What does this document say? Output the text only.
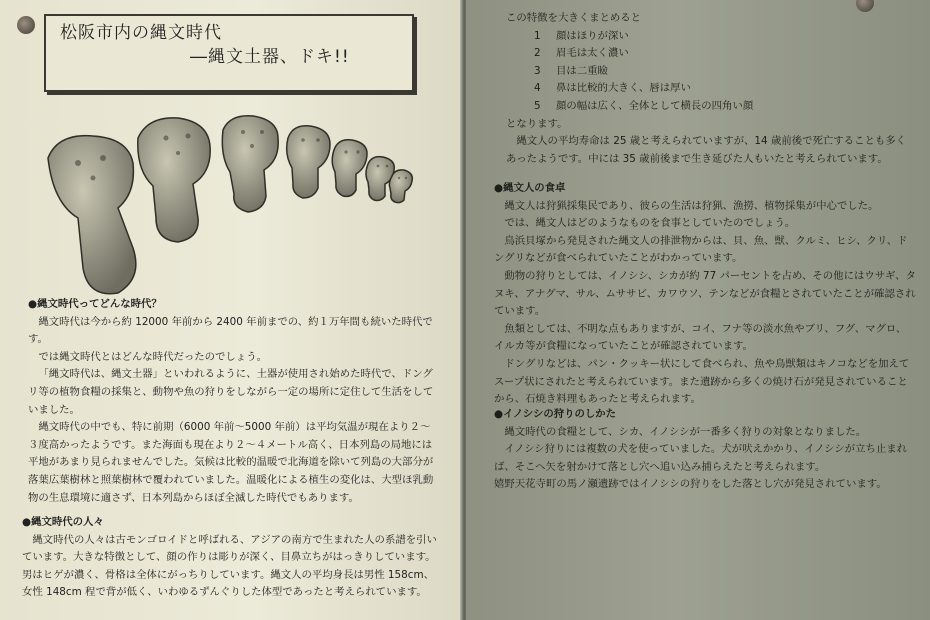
松阪市内の縄文時代
―縄文土器、ドキ!!
●縄文時代ってどんな時代？
縄文時代は今から約 12000 年前から 2400 年前までの、約１万年間も続いた時代です。
では縄文時代とはどんな時代だったのでしょう。
「縄文時代は、縄文土器」といわれるように、土器が使用され始めた時代で、ドングリ等の植物食糧の採集と、動物や魚の狩りをしながら一定の場所に定住して生活をしていました。
縄文時代の中でも、特に前期（6000 年前～5000 年前）は平均気温が現在より２～３度高かったようです。また海面も現在より２～４メートル高く、日本列島の局地には平地があまり見られませんでした。気候は比較的温暖で北海道を除いて列島の大部分が落葉広葉樹林と照葉樹林で覆われていました。温暖化による植生の変化は、大型ほ乳動物の生息環境に適さず、日本列島からほぼ全滅した時代でもあります。
●縄文時代の人々
縄文時代の人々は古モンゴロイドと呼ばれる、アジアの南方で生まれた人の系譜を引いています。大きな特徴として、顔の作りは彫りが深く、目鼻立ちがはっきりしています。男はヒゲが濃く、骨格は全体にがっちりしています。縄文人の平均身長は男性 158cm、女性 148cm 程で背が低く、いわゆるずんぐりした体型であったと考えられています。
この特徴を大きくまとめると
1 顔はほりが深い
2 眉毛は太く濃い
3 目は二重瞼
4 鼻は比較的大きく、唇は厚い
5 顔の幅は広く、全体として横長の四角い顔
となります。
縄文人の平均寿命は 25 歳と考えられていますが、14 歳前後で死亡することも多くあったようです。中には 35 歳前後まで生き延びた人もいたと考えられています。
●縄文人の食卓
縄文人は狩猟採集民であり、彼らの生活は狩猟、漁撈、植物採集が中心でした。
では、縄文人はどのようなものを食事としていたのでしょう。
鳥浜貝塚から発見された縄文人の排泄物からは、貝、魚、獣、クルミ、ヒシ、クリ、ドングリなどが食べられていたことがわかっています。
動物の狩りとしては、イノシシ、シカが約 77 パーセントを占め、その他にはウサギ、タヌキ、アナグマ、サル、ムササビ、カワウソ、テンなどが食糧とされていたことが確認されています。
魚類としては、不明な点もありますが、コイ、フナ等の淡水魚やブリ、フグ、マグロ、イルカ等が食糧になっていたことが確認されています。
ドングリなどは、パン・クッキー状にして食べられ、魚や鳥獣類はキノコなどを加えてスープ状にされたと考えられています。また遺跡から多くの焼け石が発見されていることから、石焼き料理もあったと考えられます。
●イノシシの狩りのしかた
縄文時代の食糧として、シカ、イノシシが一番多く狩りの対象となりました。
イノシシ狩りには複数の犬を使っていました。犬が吠えかかり、イノシシが立ち止まれば、そこへ矢を射かけて落とし穴へ追い込み捕らえたと考えられます。
嬉野天花寺町の馬ノ瀬遺跡ではイノシシの狩りをした落とし穴が発見されています。
